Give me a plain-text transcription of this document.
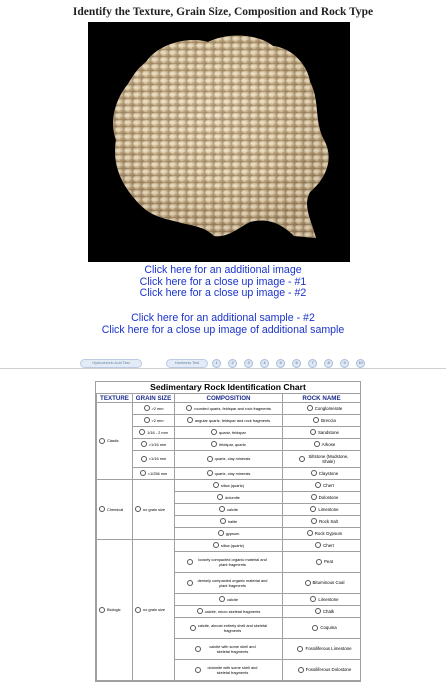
Identify the Texture, Grain Size, Composition and Rock Type
Click here for an additional image
Click here for a close up image - #1
Click here for a close up image - #2
Click here for an additional sample - #2
Click here for a close up image of additional sample
Hydrochloric Acid Test	Hardness Test	1	2	3	4	5	6	7	8	9	10
Sedimentary Rock Identification Chart
TEXTURE	GRAIN SIZE	COMPOSITION	ROCK NAME

Clastic	>2 mm	rounded quartz, feldspar and rock fragments	Conglomerate

	>2 mm	angular quartz, feldspar and rock fragments	Breccia

	1/16 - 2 mm	quartz, feldspar	Sandstone

	>1/16 mm	feldspar, quartz	Arkose

	<1/16 mm	quartz, clay minerals	Siltstone (Mudstone, Shale)

	<1/256 mm	quartz, clay minerals	Claystone

Chemical	no grain size	silica (quartz)	Chert

		dolomite	Dolostone

		calcite	Limestone

		halite	Rock Salt

		gypsum	Rock Gypsum

Biologic	no grain size	silica (quartz)	Chert

		loosely compacted organic material and plant fragments	Peat

		densely compacted organic material and plant fragments	Bituminous Coal

		calcite	Limestone

		calcite, micro-skeletal fragments	Chalk

		calcite, almost entirely shell and skeletal fragments	Coquina

		calcite with some shell and skeletal fragments	Fossiliferous Limestone

		dolomite with some shell and skeletal fragments	Fossiliferous Dolostone
